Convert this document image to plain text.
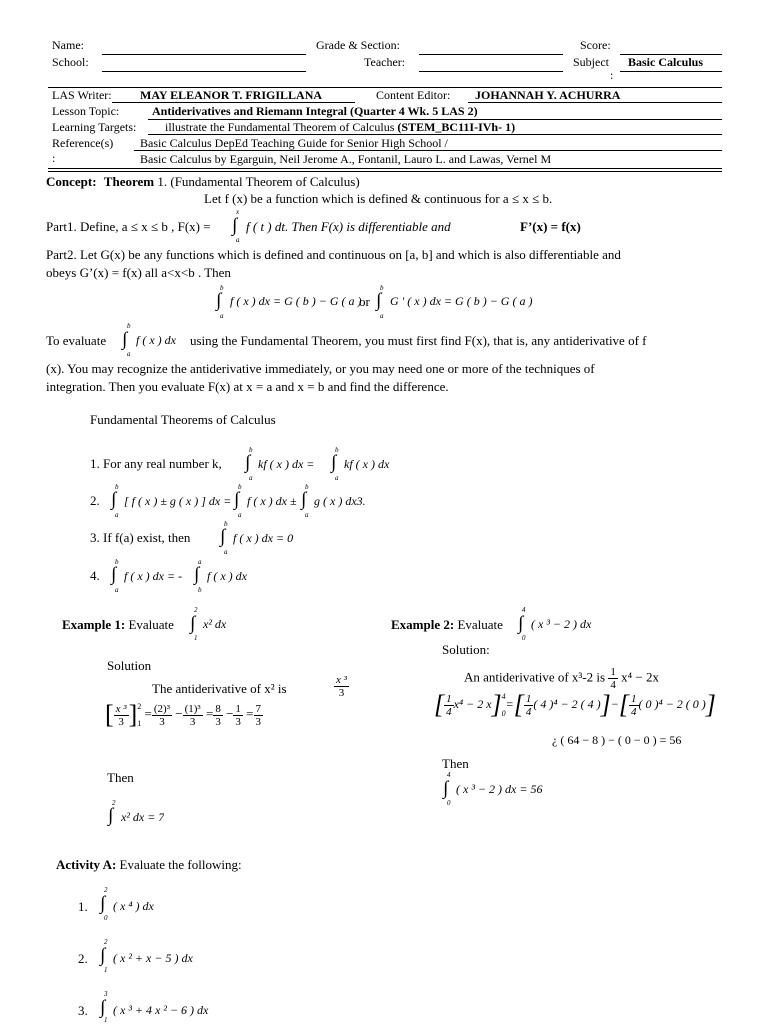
Name:	Grade & Section:	Score:
School:	Teacher:	Subject Basic Calculus
:
LAS Writer: MAY ELEANOR T. FRIGILLANA	Content Editor: JOHANNAH Y. ACHURRA
Lesson Topic:	Antiderivatives and Riemann Integral (Quarter 4 Wk. 5 LAS 2)
Learning Targets: illustrate the Fundamental Theorem of Calculus (STEM_BC11I-IVh- 1)
Reference(s)
:
Basic Calculus DepEd Teaching Guide for Senior High School /
Basic Calculus by Egarguin, Neil Jerome A., Fontanil, Lauro L. and Lawas, Vernel M
Concept: Theorem 1. (Fundamental Theorem of Calculus)
Let f (x) be a function which is defined & continuous for a ≤ x ≤ b.
Part1. Define, a ≤ x ≤ b , F(x) =
x
∫
a
f ( t ) dt. Then F(x) is differentiable and	F’(x) = f(x)
Part2. Let G(x) be any functions which is defined and continuous on [a, b] and which is also differentiable and
obeys G’(x) = f(x) all a<x<b . Then
b
∫
a
f ( x ) dx = G ( b ) − G ( a )
or
b
∫
a
G ′ ( x ) dx = G ( b ) − G ( a )
To evaluate
b
∫
a
f ( x ) dx using the Fundamental Theorem, you must first find F(x), that is, any antiderivative of f
(x). You may recognize the antiderivative immediately, or you may need one or more of the techniques of
integration. Then you evaluate F(x) at x = a and x = b and find the difference.
Fundamental Theorems of Calculus
1. For any real number k,
b
∫
a
kf ( x ) dx =
b
∫
a
kf ( x ) dx
2.
b
∫
a
[ f ( x ) ± g ( x ) ] dx =
b
∫
a
f ( x ) dx ±
b
∫
a
g ( x ) dx3.
3. If f(a) exist, then
b
∫
a
f ( x ) dx = 0
4.
b
∫
a
f ( x ) dx = -
a
∫
b
f ( x ) dx
Example 1: Evaluate
2
∫
1
x² dx
Solution
The antiderivative of x² is	$\frac{\text{x ³}}{3}$
[ $\frac{\text{x ³}}{3} ]^21 = \frac{\text{(2)³}}{3} - \frac{\text{(1)³}}{3} = \frac{8}{3} - \frac{1}{3} = \frac{7}{3}$
Then
2
∫ x² dx = 7
Example 2: Evaluate
4
∫
0
( x ³ − 2 ) dx
Solution:
An antiderivative of x³-2 is $\frac{1}{4} x^4 - 2x$
[ $\frac{1}{4} x^4 - 2$ $x]^40=[ \frac{1}{4}$ ( 4 )⁴ − 2 ( 4 )]−[ $\frac{1}{4}$ ( 0 )⁴ − 2 ( 0 )]
¿ ( 64 − 8 ) − ( 0 − 0 ) = 56
Then
4
∫
0
( x ³ − 2 ) dx = 56
Activity A: Evaluate the following:
1.
2
∫
0
( x ⁴ ) dx
2.
2
∫
1
( x ² + x − 5 ) dx
3.
3
∫
1
( x ³ + 4 x ² − 6 ) dx
